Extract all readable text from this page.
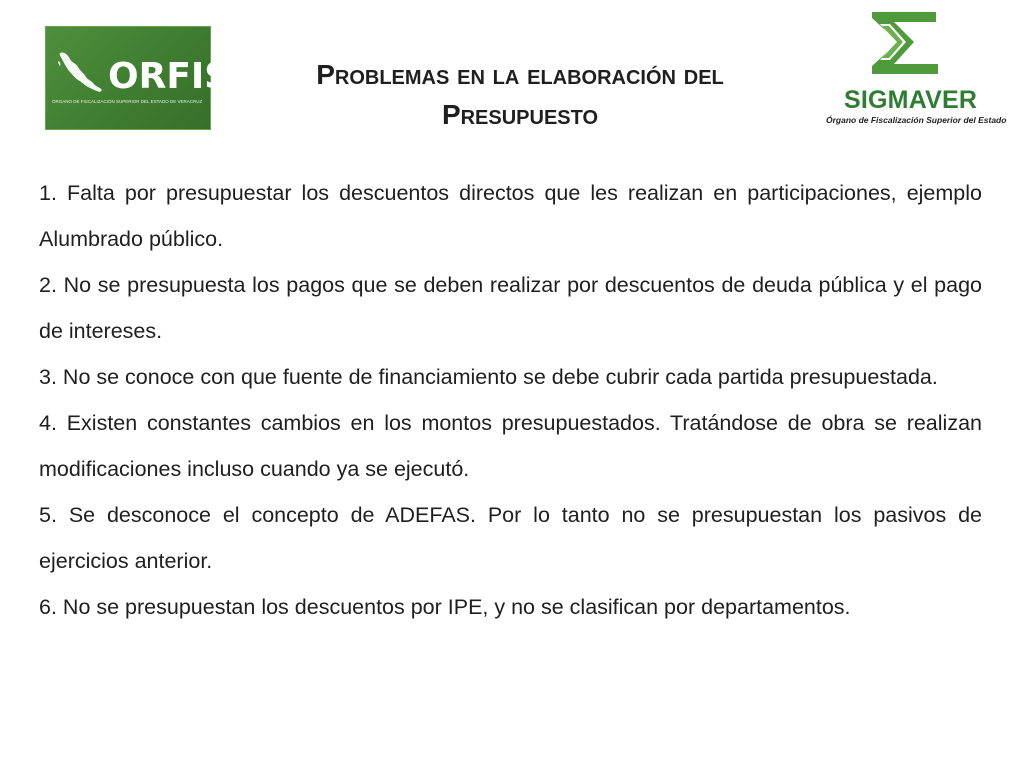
ORFIS
ÓRGANO DE FISCALIZACIÓN SUPERIOR DEL ESTADO DE VERACRUZ
Problemas en la elaboración del
Presupuesto	SIGMAVER
Órgano de Fiscalización Superior del Estado

1. Falta por presupuestar los descuentos directos que les realizan en participaciones, ejemplo Alumbrado público.

2. No se presupuesta los pagos que se deben realizar por descuentos de deuda pública y el pago de intereses.

3. No se conoce con que fuente de financiamiento se debe cubrir cada partida presupuestada.

4. Existen constantes cambios en los montos presupuestados. Tratándose de obra se realizan modificaciones incluso cuando ya se ejecutó.

5. Se desconoce el concepto de ADEFAS. Por lo tanto no se presupuestan los pasivos de ejercicios anterior.

6. No se presupuestan los descuentos por IPE, y no se clasifican por departamentos.
